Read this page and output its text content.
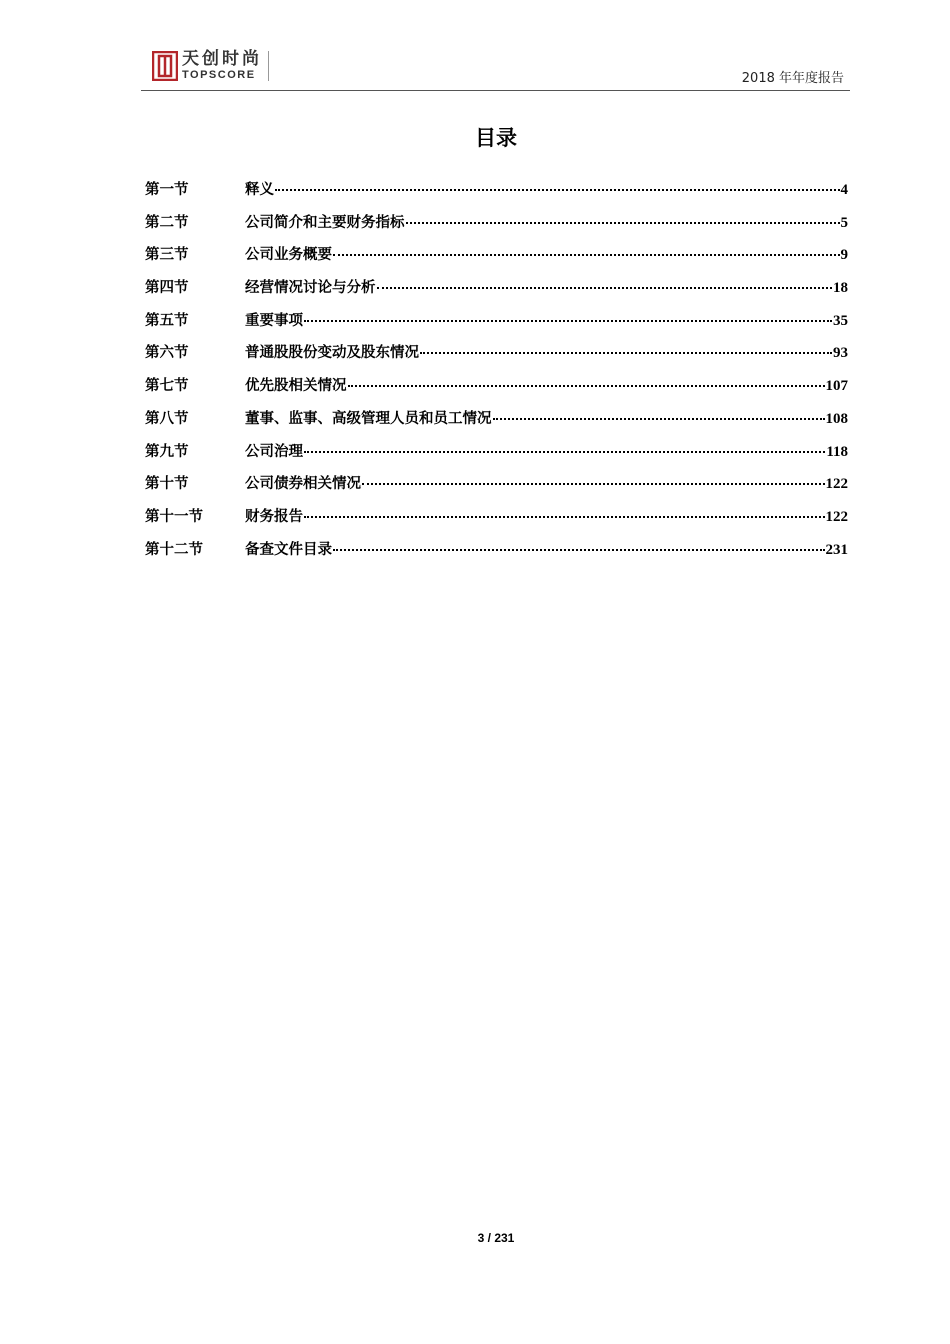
天创时尚
TOPSCORE	2018 年年度报告
目录
第一节	释义	4
第二节	公司简介和主要财务指标	5
第三节	公司业务概要	9
第四节	经营情况讨论与分析	18
第五节	重要事项	35
第六节	普通股股份变动及股东情况	93
第七节	优先股相关情况	107
第八节	董事、监事、高级管理人员和员工情况	108
第九节	公司治理	118
第十节	公司债券相关情况	122
第十一节	财务报告	122
第十二节	备查文件目录	231
3 / 231
